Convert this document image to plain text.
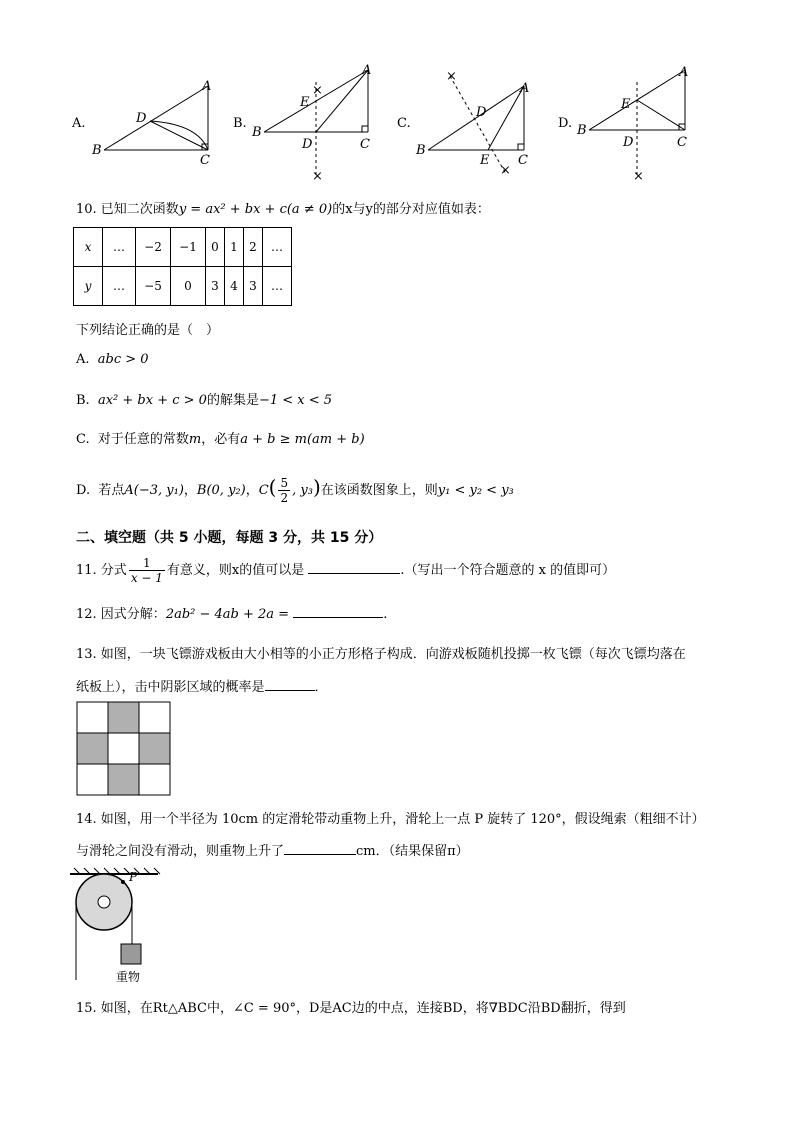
A.
A
B
C
D	B.
×
×
A
B
C
D
E
C.
×
×
A
B
C
D
E
D.
×
A
B
C
D
E
10. 已知二次函数y = ax² + bx + c(a ≠ 0)的x与y的部分对应值如表：
x	…	−2	−1	0	1	2	…
y	…	−5	0	3	4	3	…
下列结论正确的是（　）
A. abc > 0
B. ax² + bx + c > 0的解集是−1 < x < 5
C. 对于任意的常数m，必有a + b ≥ m(am + b)
D. 若点A(−3, y₁)，B(0, y₂)，$C( \frac{5}{2}$ , y₃)在该函数图象上，则y₁ < y₂ < y₃
二、填空题（共 5 小题，每题 3 分，共 15 分）
11. 分式 $\frac{1}{x - 1}$ 有意义，则x的值可以是	.（写出一个符合题意的 x 的值即可）
12. 因式分解：2ab² − 4ab + 2a =	.
13. 如图，一块飞镖游戏板由大小相等的小正方形格子构成．向游戏板随机投掷一枚飞镖（每次飞镖均落在
纸板上），击中阴影区域的概率是	．
14. 如图，用一个半径为 10cm 的定滑轮带动重物上升，滑轮上一点 P 旋转了 120°，假设绳索（粗细不计）
与滑轮之间没有滑动，则重物上升了	cm．（结果保留π）
P
重物
15. 如图，在Rt△ABC中，∠C = 90°，D是AC边的中点，连接BD，将∇BDC沿BD翻折，得到
